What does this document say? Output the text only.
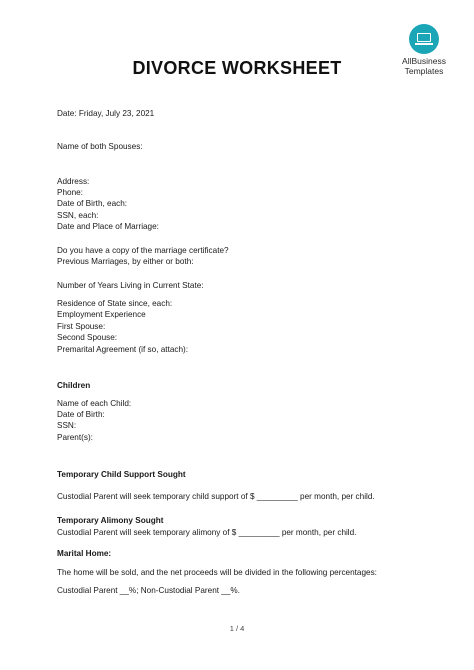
AllBusiness
Templates
DIVORCE WORKSHEET
Date: Friday, July 23, 2021
Name of both Spouses:
Address:
Phone:
Date of Birth, each:
SSN, each:
Date and Place of Marriage:
Do you have a copy of the marriage certificate?
Previous Marriages, by either or both:
Number of Years Living in Current State:
Residence of State since, each:
Employment Experience
First Spouse:
Second Spouse:
Premarital Agreement (if so, attach):
Children
Name of each Child:
Date of Birth:
SSN:
Parent(s):
Temporary Child Support Sought
Custodial Parent will seek temporary child support of $ _________ per month, per child.
Temporary Alimony Sought
Custodial Parent will seek temporary alimony of $ _________ per month, per child.
Marital Home:
The home will be sold, and the net proceeds will be divided in the following percentages:
Custodial Parent __%; Non-Custodial Parent __%.
1 / 4
